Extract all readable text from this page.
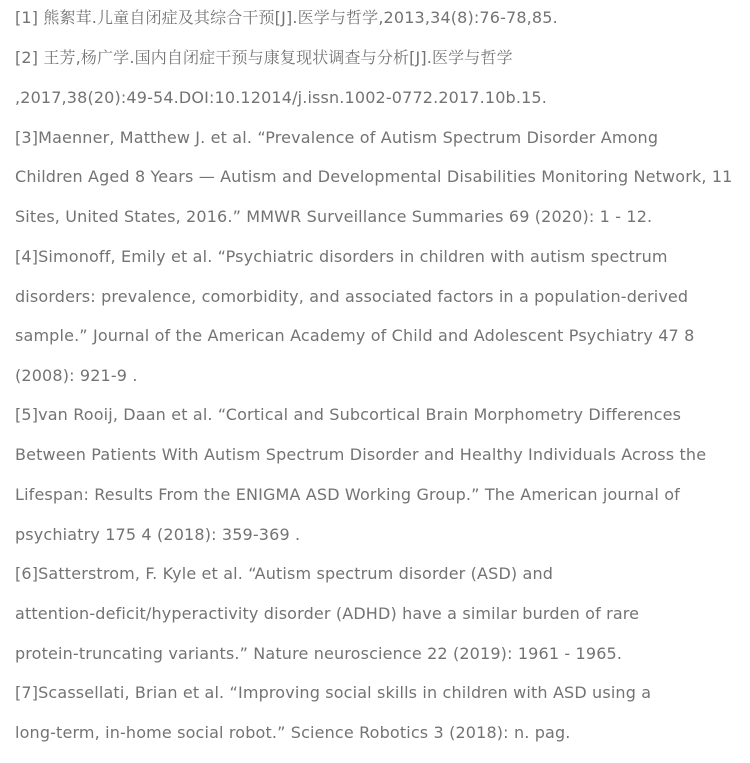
[1] 熊絮茸.儿童自闭症及其综合干预[J].医学与哲学,2013,34(8):76-78,85.
[2] 王芳,杨广学.国内自闭症干预与康复现状调查与分析[J].医学与哲学
,2017,38(20):49-54.DOI:10.12014/j.issn.1002-0772.2017.10b.15.
[3]Maenner, Matthew J. et al. “Prevalence of Autism Spectrum Disorder Among
Children Aged 8 Years — Autism and Developmental Disabilities Monitoring Network, 11
Sites, United States, 2016.” MMWR Surveillance Summaries 69 (2020): 1 - 12.
[4]Simonoff, Emily et al. “Psychiatric disorders in children with autism spectrum
disorders: prevalence, comorbidity, and associated factors in a population-derived
sample.” Journal of the American Academy of Child and Adolescent Psychiatry 47 8
(2008): 921-9 .
[5]van Rooij, Daan et al. “Cortical and Subcortical Brain Morphometry Differences
Between Patients With Autism Spectrum Disorder and Healthy Individuals Across the
Lifespan: Results From the ENIGMA ASD Working Group.” The American journal of
psychiatry 175 4 (2018): 359-369 .
[6]Satterstrom, F. Kyle et al. “Autism spectrum disorder (ASD) and
attention-deficit/hyperactivity disorder (ADHD) have a similar burden of rare
protein-truncating variants.” Nature neuroscience 22 (2019): 1961 - 1965.
[7]Scassellati, Brian et al. “Improving social skills in children with ASD using a
long-term, in-home social robot.” Science Robotics 3 (2018): n. pag.
